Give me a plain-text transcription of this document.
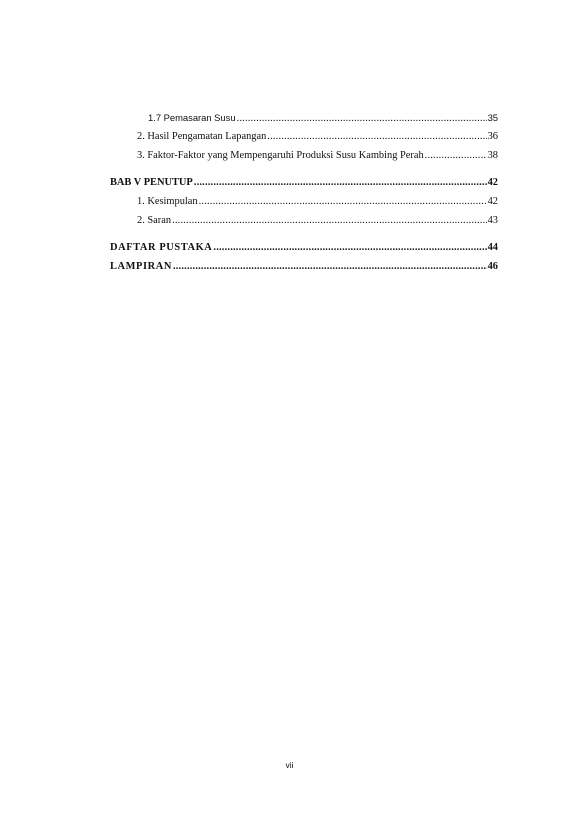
1.7 Pemasaran Susu .....	35
2. Hasil Pengamatan Lapangan .....	36
3. Faktor-Faktor yang Mempengaruhi Produksi Susu Kambing Perah .....	38
BAB V PENUTUP .....	42
1. Kesimpulan .....	42
2. Saran .....	43
DAFTAR PUSTAKA .....	44
LAMPIRAN .....	46
vii
